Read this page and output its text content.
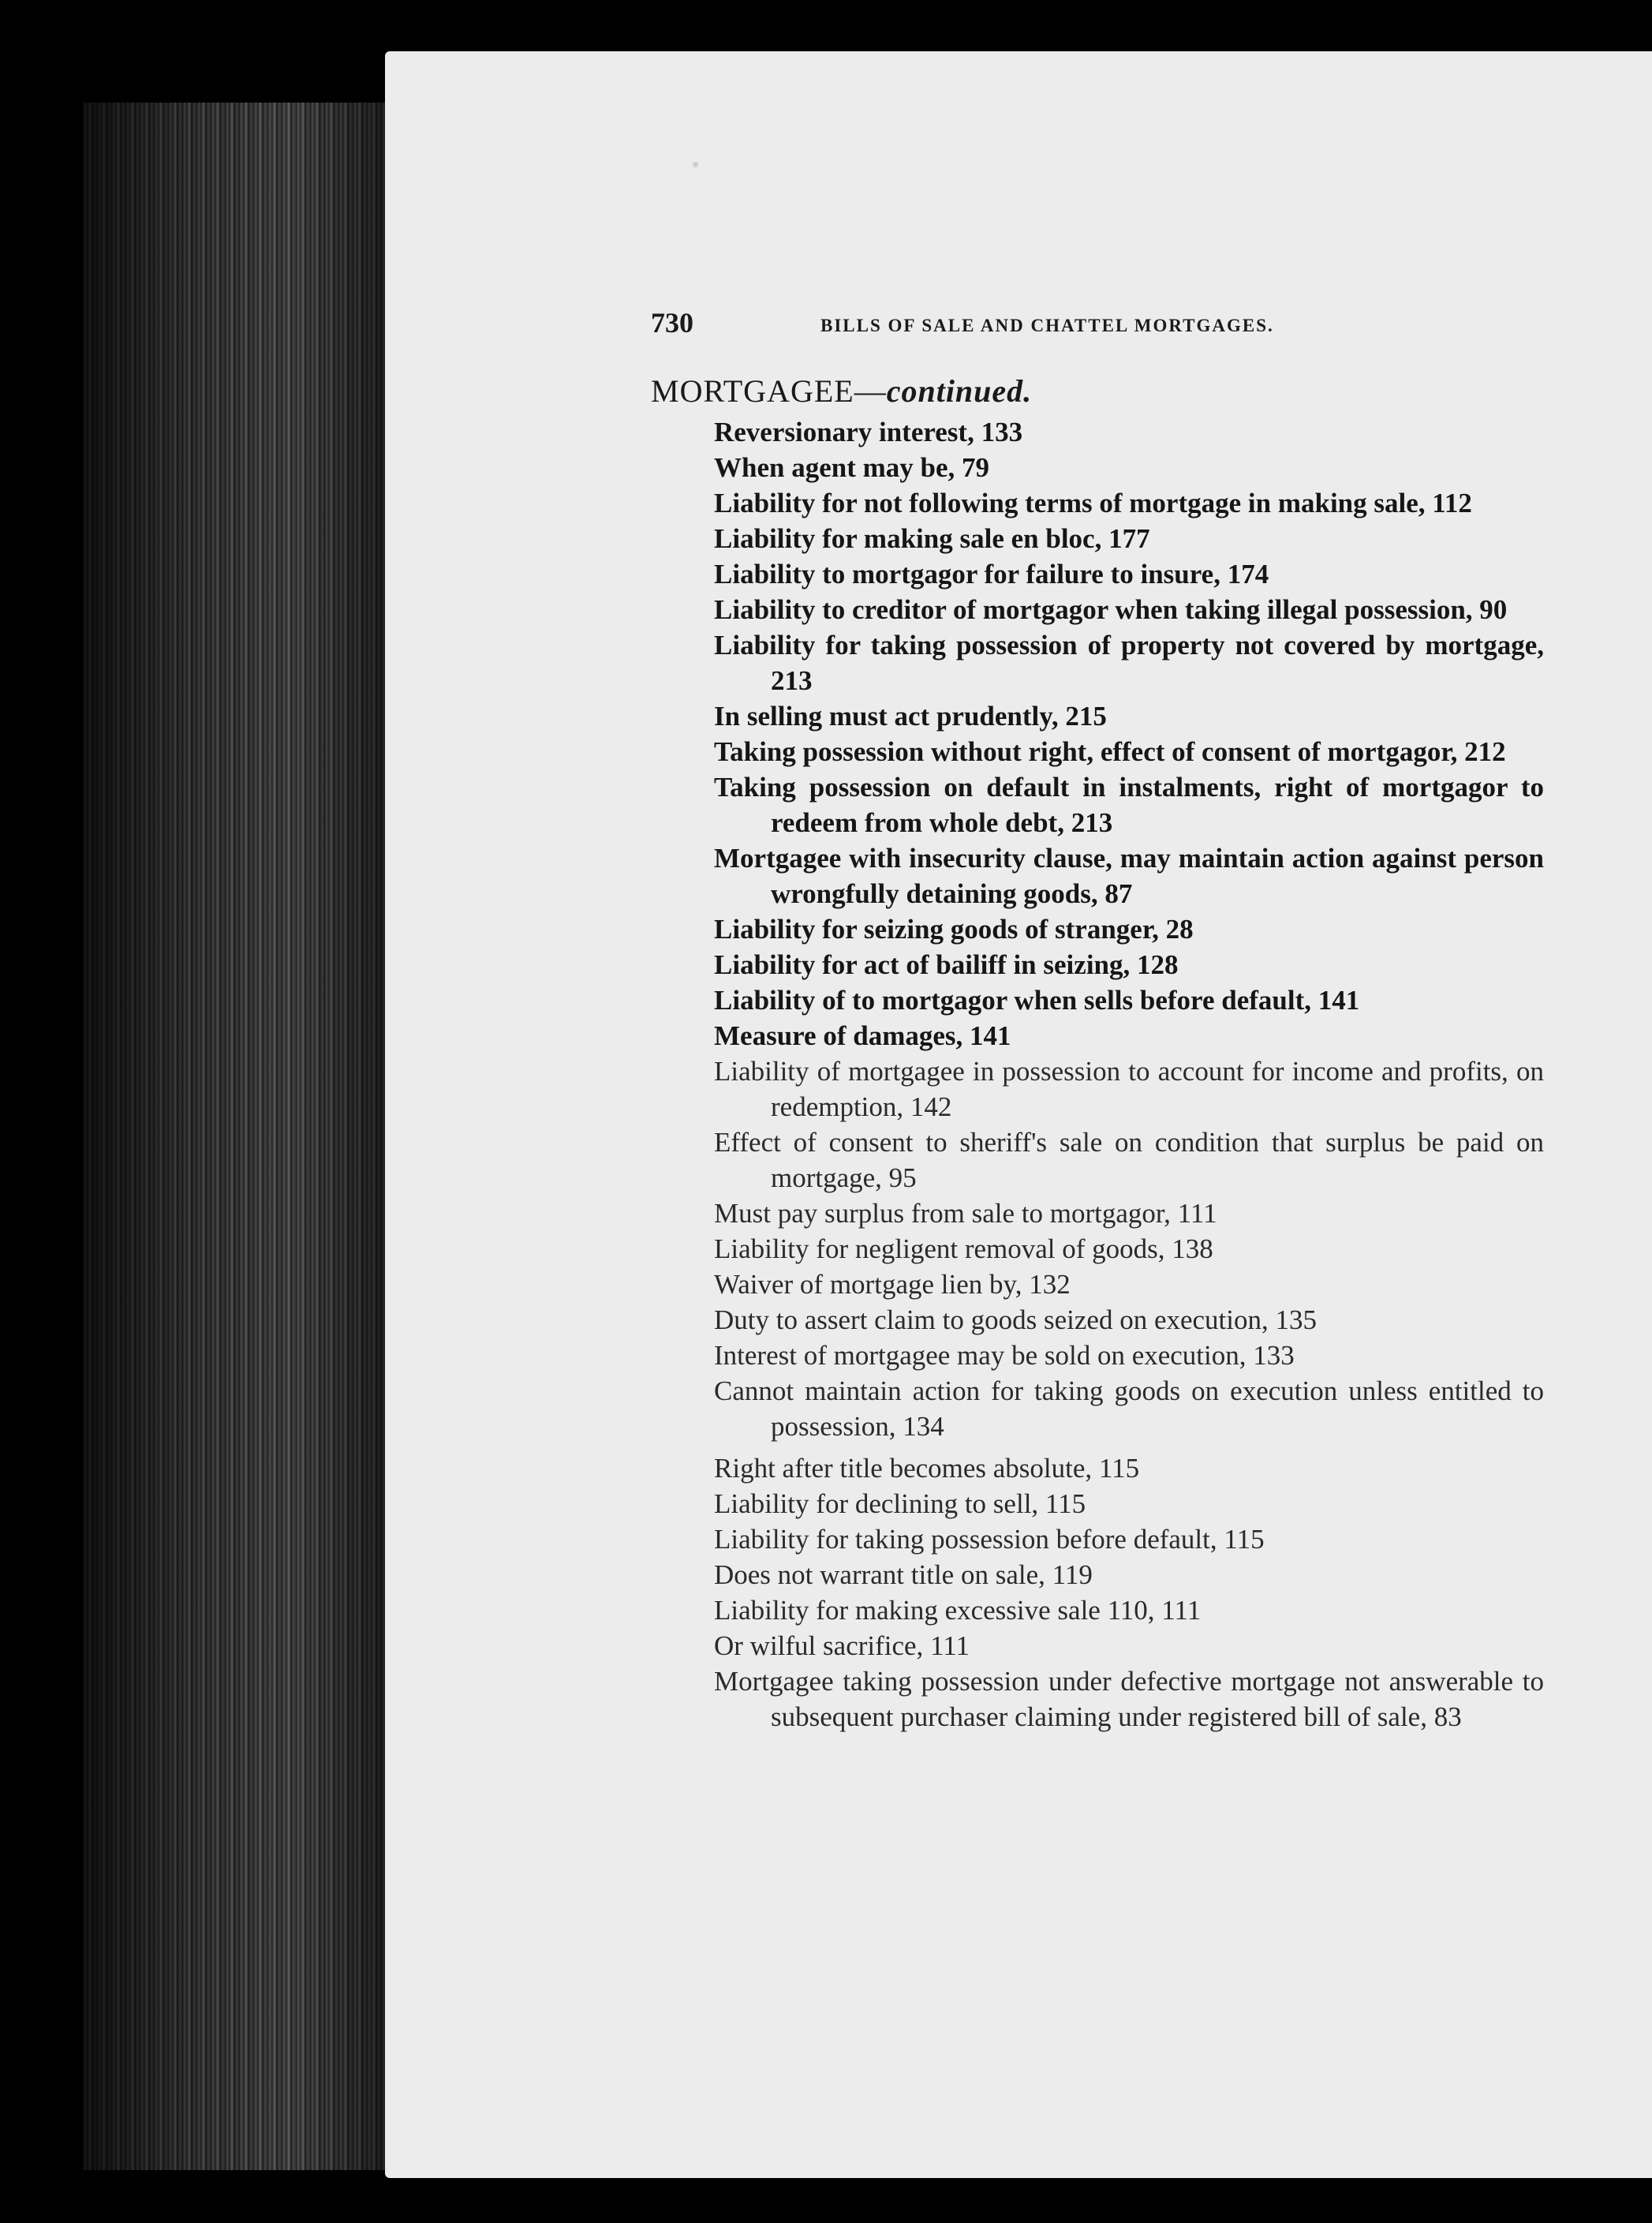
730	BILLS OF SALE AND CHATTEL MORTGAGES.
MORTGAGEE—continued.
Reversionary interest, 133
When agent may be, 79
Liability for not following terms of mortgage in making sale, 112
Liability for making sale en bloc, 177
Liability to mortgagor for failure to insure, 174
Liability to creditor of mortgagor when taking illegal possession, 90
Liability for taking possession of property not covered by mortgage, 213
In selling must act prudently, 215
Taking possession without right, effect of consent of mortgagor, 212
Taking possession on default in instalments, right of mortgagor to redeem from whole debt, 213
Mortgagee with insecurity clause, may maintain action against person wrongfully detaining goods, 87
Liability for seizing goods of stranger, 28
Liability for act of bailiff in seizing, 128
Liability of to mortgagor when sells before default, 141
Measure of damages, 141
Liability of mortgagee in possession to account for income and profits, on redemption, 142
Effect of consent to sheriff's sale on condition that surplus be paid on mortgage, 95
Must pay surplus from sale to mortgagor, 111
Liability for negligent removal of goods, 138
Waiver of mortgage lien by, 132
Duty to assert claim to goods seized on execution, 135
Interest of mortgagee may be sold on execution, 133
Cannot maintain action for taking goods on execution unless entitled to possession, 134
Right after title becomes absolute, 115
Liability for declining to sell, 115
Liability for taking possession before default, 115
Does not warrant title on sale, 119
Liability for making excessive sale 110, 111
Or wilful sacrifice, 111
Mortgagee taking possession under defective mortgage not answerable to subsequent purchaser claiming under registered bill of sale, 83
